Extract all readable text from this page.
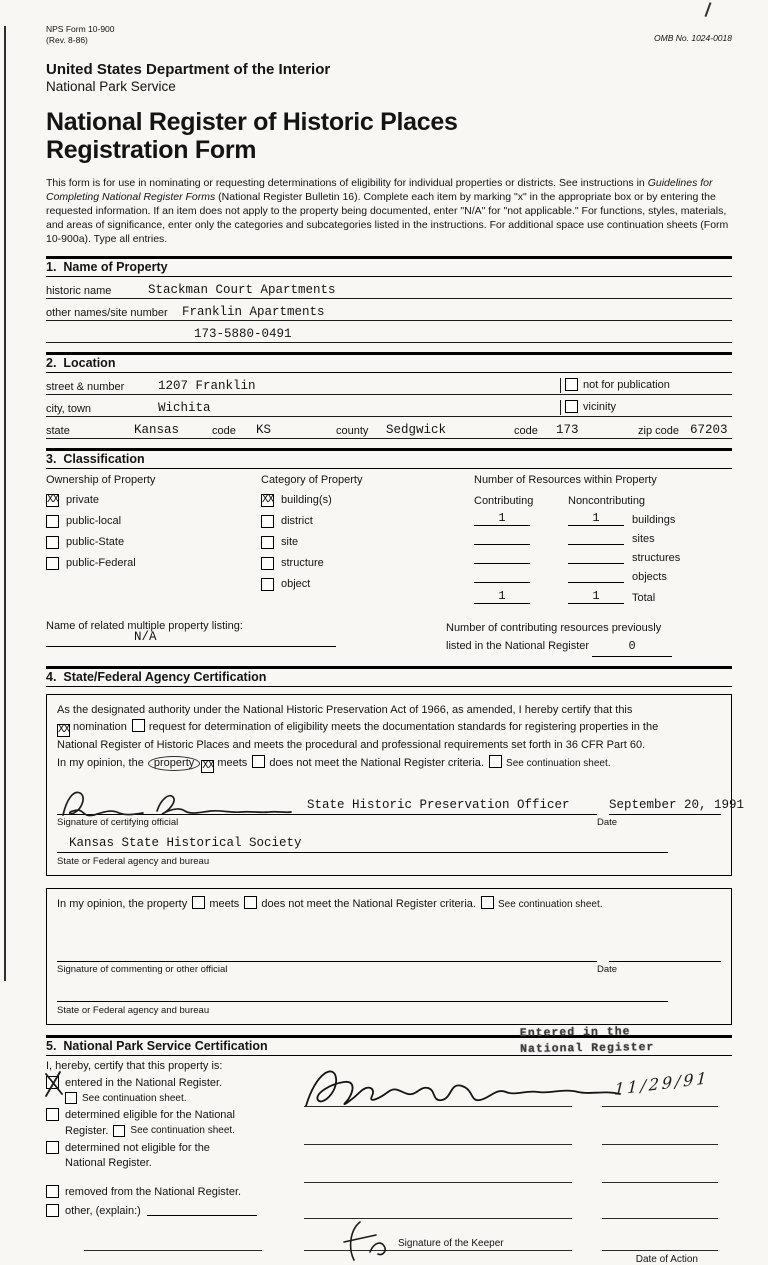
NPS Form 10-900
(Rev. 8-86)	OMB No. 1024-0018
United States Department of the Interior
National Park Service
National Register of Historic Places
Registration Form
This form is for use in nominating or requesting determinations of eligibility for individual properties or districts. See instructions in Guidelines for Completing National Register Forms (National Register Bulletin 16). Complete each item by marking "x" in the appropriate box or by entering the requested information. If an item does not apply to the property being documented, enter "N/A" for "not applicable." For functions, styles, materials, and areas of significance, enter only the categories and subcategories listed in the instructions. For additional space use continuation sheets (Form 10-900a). Type all entries.
1.  Name of Property
historic name	Stackman Court Apartments
other names/site number	Franklin Apartments
173-5880-0491
2.  Location
street & number	1207 Franklin	not for publication
city, town	Wichita	vicinity
state	Kansas	code	KS	county	Sedgwick	code	173	zip code 67203
3.  Classification
Ownership of Property
XX private
public-local
public-State
public-Federal
Category of Property
XX building(s)
district
site
structure
object
Number of Resources within Property
Contributing	Noncontributing
1	1	buildings
sites
structures
objects
1	1	Total
Name of related multiple property listing:
N/A
Number of contributing resources previously
listed in the National Register	0
4.  State/Federal Agency Certification
As the designated authority under the National Historic Preservation Act of 1966, as amended, I hereby certify that this
XX nomination request for determination of eligibility meets the documentation standards for registering properties in the
National Register of Historic Places and meets the procedural and professional requirements set forth in 36 CFR Part 60.
In my opinion, the property XX meets does not meet the National Register criteria. See continuation sheet.
State Historic Preservation Officer	September 20, 1991
Signature of certifying official	Date
Kansas State Historical Society
State or Federal agency and bureau
In my opinion, the property meets does not meet the National Register criteria. See continuation sheet.
Signature of commenting or other official	Date
State or Federal agency and bureau
5.  National Park Service Certification
Entered in the
National Register
I, hereby, certify that this property is:
entered in the National Register.
See continuation sheet.
determined eligible for the National
Register. See continuation sheet.
determined not eligible for the
National Register.
removed from the National Register.
other, (explain:)
11/29/91
Signature of the Keeper
Date of Action
